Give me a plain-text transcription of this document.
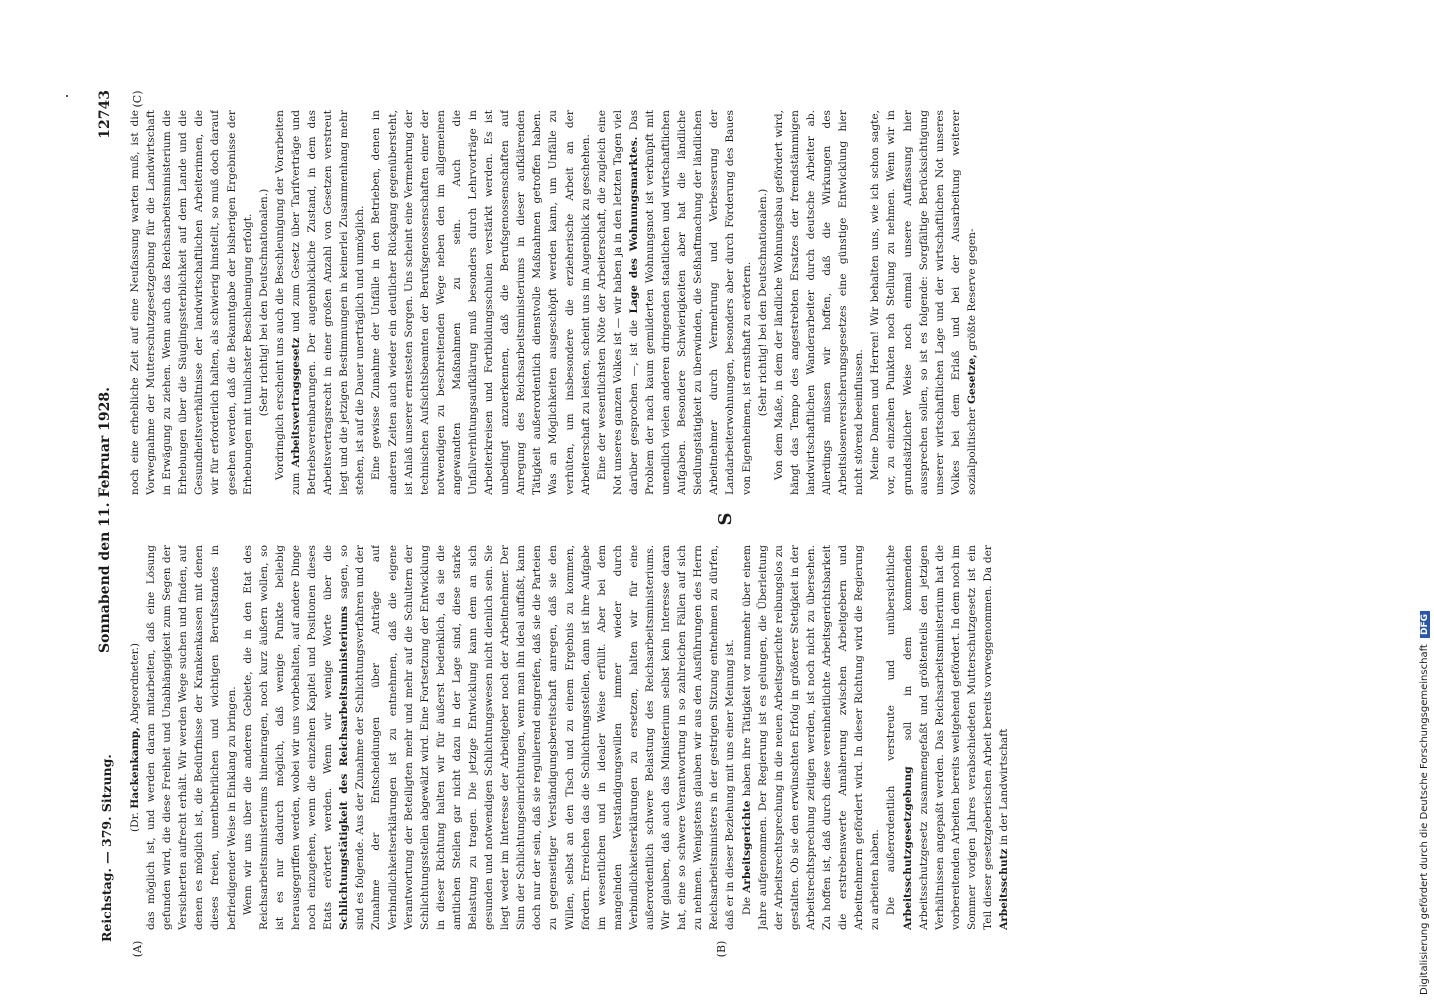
Reichstag. — 379. Sitzung.
Sonnabend den 11. Februar 1928.
12743
(A)	(B)
(C)
S

(Dr. Hackenkamp, Abgeordneter.) das möglich ist, und werden daran mitarbeiten, daß eine Lösung gefunden wird, die diese Freiheit und Unabhängigkeit zum Segen der Versicherten aufrecht erhält. Wir werden Wege suchen und finden, auf denen es möglich ist, die Bedürfnisse der Krankenkassen mit denen dieses freien, unentbehrlichen und wichtigen Berufsstandes in befriedigender Weise in Einklang zu bringen. Wenn wir uns über die anderen Gebiete, die in den Etat des Reichsarbeitsministeriums hineinragen, noch kurz äußern wollen, so ist es nur dadurch möglich, daß wenige Punkte beliebig herausgegriffen werden, wobei wir uns vorbehalten, auf andere Dinge noch einzugehen, wenn die einzelnen Kapitel und Positionen dieses Etats erörtert werden. Wenn wir wenige Worte über die Schlichtungstätigkeit des Reichsarbeitsministeriums sagen, so sind es folgende. Aus der Zunahme der Schlichtungsverfahren und der Zunahme der Entscheidungen über Anträge auf Verbindlichkeitserklärungen ist zu entnehmen, daß die eigene Verantwortung der Beteiligten mehr und mehr auf die Schultern der Schlichtungsstellen abgewälzt wird. Eine Fortsetzung der Entwicklung in dieser Richtung halten wir für äußerst bedenklich, da sie die amtlichen Stellen gar nicht dazu in der Lage sind, diese starke Belastung zu tragen. Die jetzige Entwicklung kann dem an sich gesunden und notwendigen Schlichtungswesen nicht dienlich sein. Sie liegt weder im Interesse der Arbeitgeber noch der Arbeitnehmer. Der Sinn der Schlichtungseinrichtungen, wenn man ihn ideal auffaßt, kann doch nur der sein, daß sie regulierend eingreifen, daß sie die Parteien zu gegenseitiger Verständigungsbereitschaft anregen, daß sie den Willen, selbst an den Tisch und zu einem Ergebnis zu kommen, fördern. Erreichen das die Schlichtungsstellen, dann ist ihre Aufgabe im wesentlichen und in idealer Weise erfüllt. Aber bei dem mangelnden Verständigungswillen immer wieder durch Verbindlichkeitserklärungen zu ersetzen, halten wir für eine außerordentlich schwere Belastung des Reichsarbeitsministeriums. Wir glauben, daß auch das Ministerium selbst kein Interesse daran hat, eine so schwere Verantwortung in so zahlreichen Fällen auf sich zu nehmen. Wenigstens glauben wir aus den Ausführungen des Herrn Reichsarbeitsministers in der gestrigen Sitzung entnehmen zu dürfen, daß er in dieser Beziehung mit uns einer Meinung ist. Die Arbeitsgerichte haben ihre Tätigkeit vor nunmehr über einem Jahre aufgenommen. Der Regierung ist es gelungen, die Überleitung der Arbeitsrechtsprechung in die neuen Arbeitsgerichte reibungslos zu gestalten. Ob sie den erwünschten Erfolg in größerer Stetigkeit in der Arbeitsrechtsprechung zeitigen werden, ist noch nicht zu übersehen. Zu hoffen ist, daß durch diese vereinheitlichte Arbeitsgerichtsbarkeit die erstrebenswerte Annäherung zwischen Arbeitgebern und Arbeitnehmern gefördert wird. In dieser Richtung wird die Regierung zu arbeiten haben. Die außerordentlich verstreute und unübersichtliche Arbeitsschutzgesetzgebung soll in dem kommenden Arbeitsschutzgesetz zusammengefaßt und größtenteils den jetzigen Verhältnissen angepaßt werden. Das Reichsarbeitsministerium hat die vorbereitenden Arbeiten bereits weitgehend gefördert. In dem noch im Sommer vorigen Jahres verabschiedeten Mutterschutzgesetz ist ein Teil dieser gesetzgeberischen Arbeit bereits vorweggenommen. Da der Arbeitsschutz in der Landwirtschaft

noch eine erhebliche Zeit auf eine Neufassung warten muß, ist die Vorwegnahme der Mutterschutzgesetzgebung für die Landwirtschaft in Erwägung zu ziehen. Wenn auch das Reichsarbeitsministerium die Erhebungen über die Säuglingssterblichkeit auf dem Lande und die Gesundheitsverhältnisse der landwirtschaftlichen Arbeiterinnen, die wir für erforderlich halten, als schwierig hinstellt, so muß doch darauf gesehen werden, daß die Bekanntgabe der bisherigen Ergebnisse der Erhebungen mit tunlichster Beschleunigung erfolgt. (Sehr richtig! bei den Deutschnationalen.) Vordringlich erscheint uns auch die Beschleunigung der Vorarbeiten zum Arbeitsvertragsgesetz und zum Gesetz über Tarifverträge und Betriebsvereinbarungen. Der augenblickliche Zustand, in dem das Arbeitsvertragsrecht in einer großen Anzahl von Gesetzen verstreut liegt und die jetzigen Bestimmungen in keinerlei Zusammenhang mehr stehen, ist auf die Dauer unerträglich und unmöglich. Eine gewisse Zunahme der Unfälle in den Betrieben, denen in anderen Zeiten auch wieder ein deutlicher Rückgang gegenübersteht, ist Anlaß unserer ernstesten Sorgen. Uns scheint eine Vermehrung der technischen Aufsichtsbeamten der Berufsgenossenschaften einer der notwendigen zu beschreitenden Wege neben den im allgemeinen angewandten Maßnahmen zu sein. Auch die Unfallverhütungsaufklärung muß besonders durch Lehrvorträge in Arbeiterkreisen und Fortbildungsschulen verstärkt werden. Es ist unbedingt anzuerkennen, daß die Berufsgenossenschaften auf Anregung des Reichsarbeitsministeriums in dieser aufklärenden Tätigkeit außerordentlich dienstvolle Maßnahmen getroffen haben. Was an Möglichkeiten ausgeschöpft werden kann, um Unfälle zu verhüten, um insbesondere die erzieherische Arbeit an der Arbeiterschaft zu leisten, scheint uns im Augenblick zu geschehen. Eine der wesentlichsten Nöte der Arbeiterschaft, die zugleich eine Not unseres ganzen Volkes ist — wir haben ja in den letzten Tagen viel darüber gesprochen —, ist die Lage des Wohnungsmarktes. Das Problem der nach kaum gemilderten Wohnungsnot ist verknüpft mit unendlich vielen anderen dringenden staatlichen und wirtschaftlichen Aufgaben. Besondere Schwierigkeiten aber hat die ländliche Siedlungstätigkeit zu überwinden, die Seßhaftmachung der ländlichen Arbeitnehmer durch Vermehrung und Verbesserung der Landarbeiterwohnungen, besonders aber durch Förderung des Baues von Eigenheimen, ist ernsthaft zu erörtern. (Sehr richtig! bei den Deutschnationalen.) Von dem Maße, in dem der ländliche Wohnungsbau gefördert wird, hängt das Tempo des angestrebten Ersatzes der fremdstämmigen landwirtschaftlichen Wanderarbeiter durch deutsche Arbeiter ab. Allerdings müssen wir hoffen, daß die Wirkungen des Arbeitslosenversicherungsgesetzes eine günstige Entwicklung hier nicht störend beeinflussen. Meine Damen und Herren! Wir behalten uns, wie ich schon sagte, vor, zu einzelnen Punkten noch Stellung zu nehmen. Wenn wir in grundsätzlicher Weise noch einmal unsere Auffassung hier aussprechen sollen, so ist es folgende: Sorgfältige Berücksichtigung unserer wirtschaftlichen Lage und der wirtschaftlichen Not unseres Volkes bei dem Erlaß und bei der Ausarbeitung weiterer sozialpolitischer Gesetze, größte Reserve gegen-

Digitalisierung gefördert durch die Deutsche Forschungsgemeinschaft DFG
